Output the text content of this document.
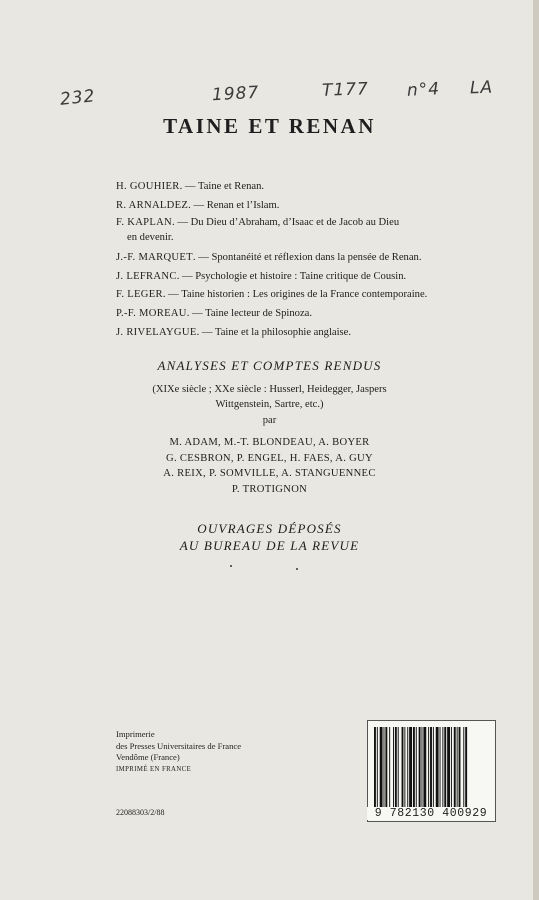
232	1987	T177 n°4 LA
TAINE ET RENAN
H. GOUHIER. — Taine et Renan.
R. ARNALDEZ. — Renan et l’Islam.
F. KAPLAN. — Du Dieu d’Abraham, d’Isaac et de Jacob au Dieu
en devenir.
J.-F. MARQUET. — Spontanéité et réflexion dans la pensée de Renan.
J. LEFRANC. — Psychologie et histoire : Taine critique de Cousin.
F. LEGER. — Taine historien : Les origines de la France contemporaine.
P.-F. MOREAU. — Taine lecteur de Spinoza.
J. RIVELAYGUE. — Taine et la philosophie anglaise.
ANALYSES ET COMPTES RENDUS
(XIXe siècle ; XXe siècle : Husserl, Heidegger, Jaspers
Wittgenstein, Sartre, etc.)
par
M. ADAM, M.-T. BLONDEAU, A. BOYER
G. CESBRON, P. ENGEL, H. FAES, A. GUY
A. REIX, P. SOMVILLE, A. STANGUENNEC
P. TROTIGNON
OUVRAGES DÉPOSÉS
AU BUREAU DE LA REVUE
Imprimerie
des Presses Universitaires de France
Vendôme (France)
IMPRIMÉ EN FRANCE
22088303/2/88	9 782130 400929
